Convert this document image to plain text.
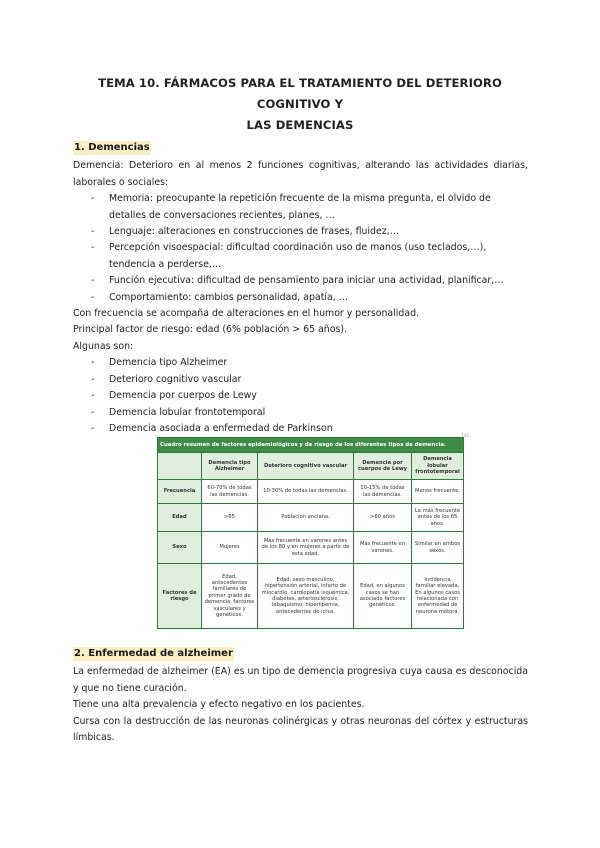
TEMA 10. FÁRMACOS PARA EL TRATAMIENTO DEL DETERIORO COGNITIVO Y
LAS DEMENCIAS
1. Demencias

Demencia: Deterioro en al menos 2 funciones cognitivas, alterando las actividades diarias, laborales o sociales:

- Memoria: preocupante la repetición frecuente de la misma pregunta, el olvido de detalles de conversaciones recientes, planes, …
- Lenguaje: alteraciones en construcciones de frases, fluidez,…
- Percepción visoespacial: dificultad coordinación uso de manos (uso teclados,…), tendencia a perderse,…
- Función ejecutiva: dificultad de pensamiento para iniciar una actividad, planificar,…
- Comportamiento: cambios personalidad, apatía, …

Con frecuencia se acompaña de alteraciones en el humor y personalidad.

Principal factor de riesgo: edad (6% población > 65 años).

Algunas son:

- Demencia tipo Alzheimer
- Deterioro cognitivo vascular
- Demencia por cuerpos de Lewy
- Demencia lobular frontotemporal
- Demencia asociada a enfermedad de Parkinson
142
Cuadro resumen de factores epidemiológicos y de riesgo de los diferentes tipos de demencia.				
	Demencia tipo Alzheimer	Deterioro cognitivo vascular	Demencia por cuerpos de Lewy	Demencia lobular frontotemporal
Frecuencia	60-70% de todas las demencias.	10-30% de todas las demencias.	10-15% de todas las demencias.	Menos frecuente.
Edad	>65	Población anciana.	>60 años	La más frecuente antes de los 65 años.
Sexo	Mujeres	Más frecuente en varones antes de los 80 y en mujeres a partir de esta edad.	Más frecuente en varones.	Similar en ambos sexos.
Factores de riesgo	Edad, antecedentes familiares de primer grado de demencia, factores vasculares y genéticos.	Edad, sexo masculino, hipertensión arterial, infarto de miocardio, cardiopatía isquémica, diabetes, arteriosclerosis, tabaquismo, hiperlipemia, antecedentes de ictus.	Edad, en algunos casos se han asociado factores genéticos.	Incidencia familiar elevada. En algunos casos relacionada con enfermedad de neurona motora.
2. Enfermedad de alzheimer

La enfermedad de alzheimer (EA) es un tipo de demencia progresiva cuya causa es desconocida y que no tiene curación.

Tiene una alta prevalencia y efecto negativo en los pacientes.

Cursa con la destrucción de las neuronas colinérgicas y otras neuronas del córtex y estructuras límbicas.
